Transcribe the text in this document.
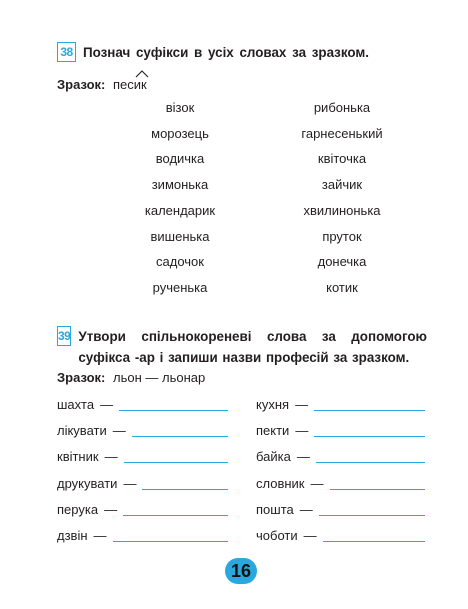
38 Познач суфікси в усіх словах за зразком.
Зразок: песик
візок
морозець
водичка
зимонька
календарик
вишенька
садочок
рученька
рибонька
гарнесенький
квіточка
зайчик
хвилинонька
пруток
донечка
котик
39 Утвори спільнокореневі слова за допомогою суфікса -ар і запиши назви професій за зразком.
Зразок: льон — льонар
шахта —
лікувати —
квітник —
друкувати —
перука —
дзвін —
кухня —
пекти —
байка —
словник —
пошта —
чоботи —
16
